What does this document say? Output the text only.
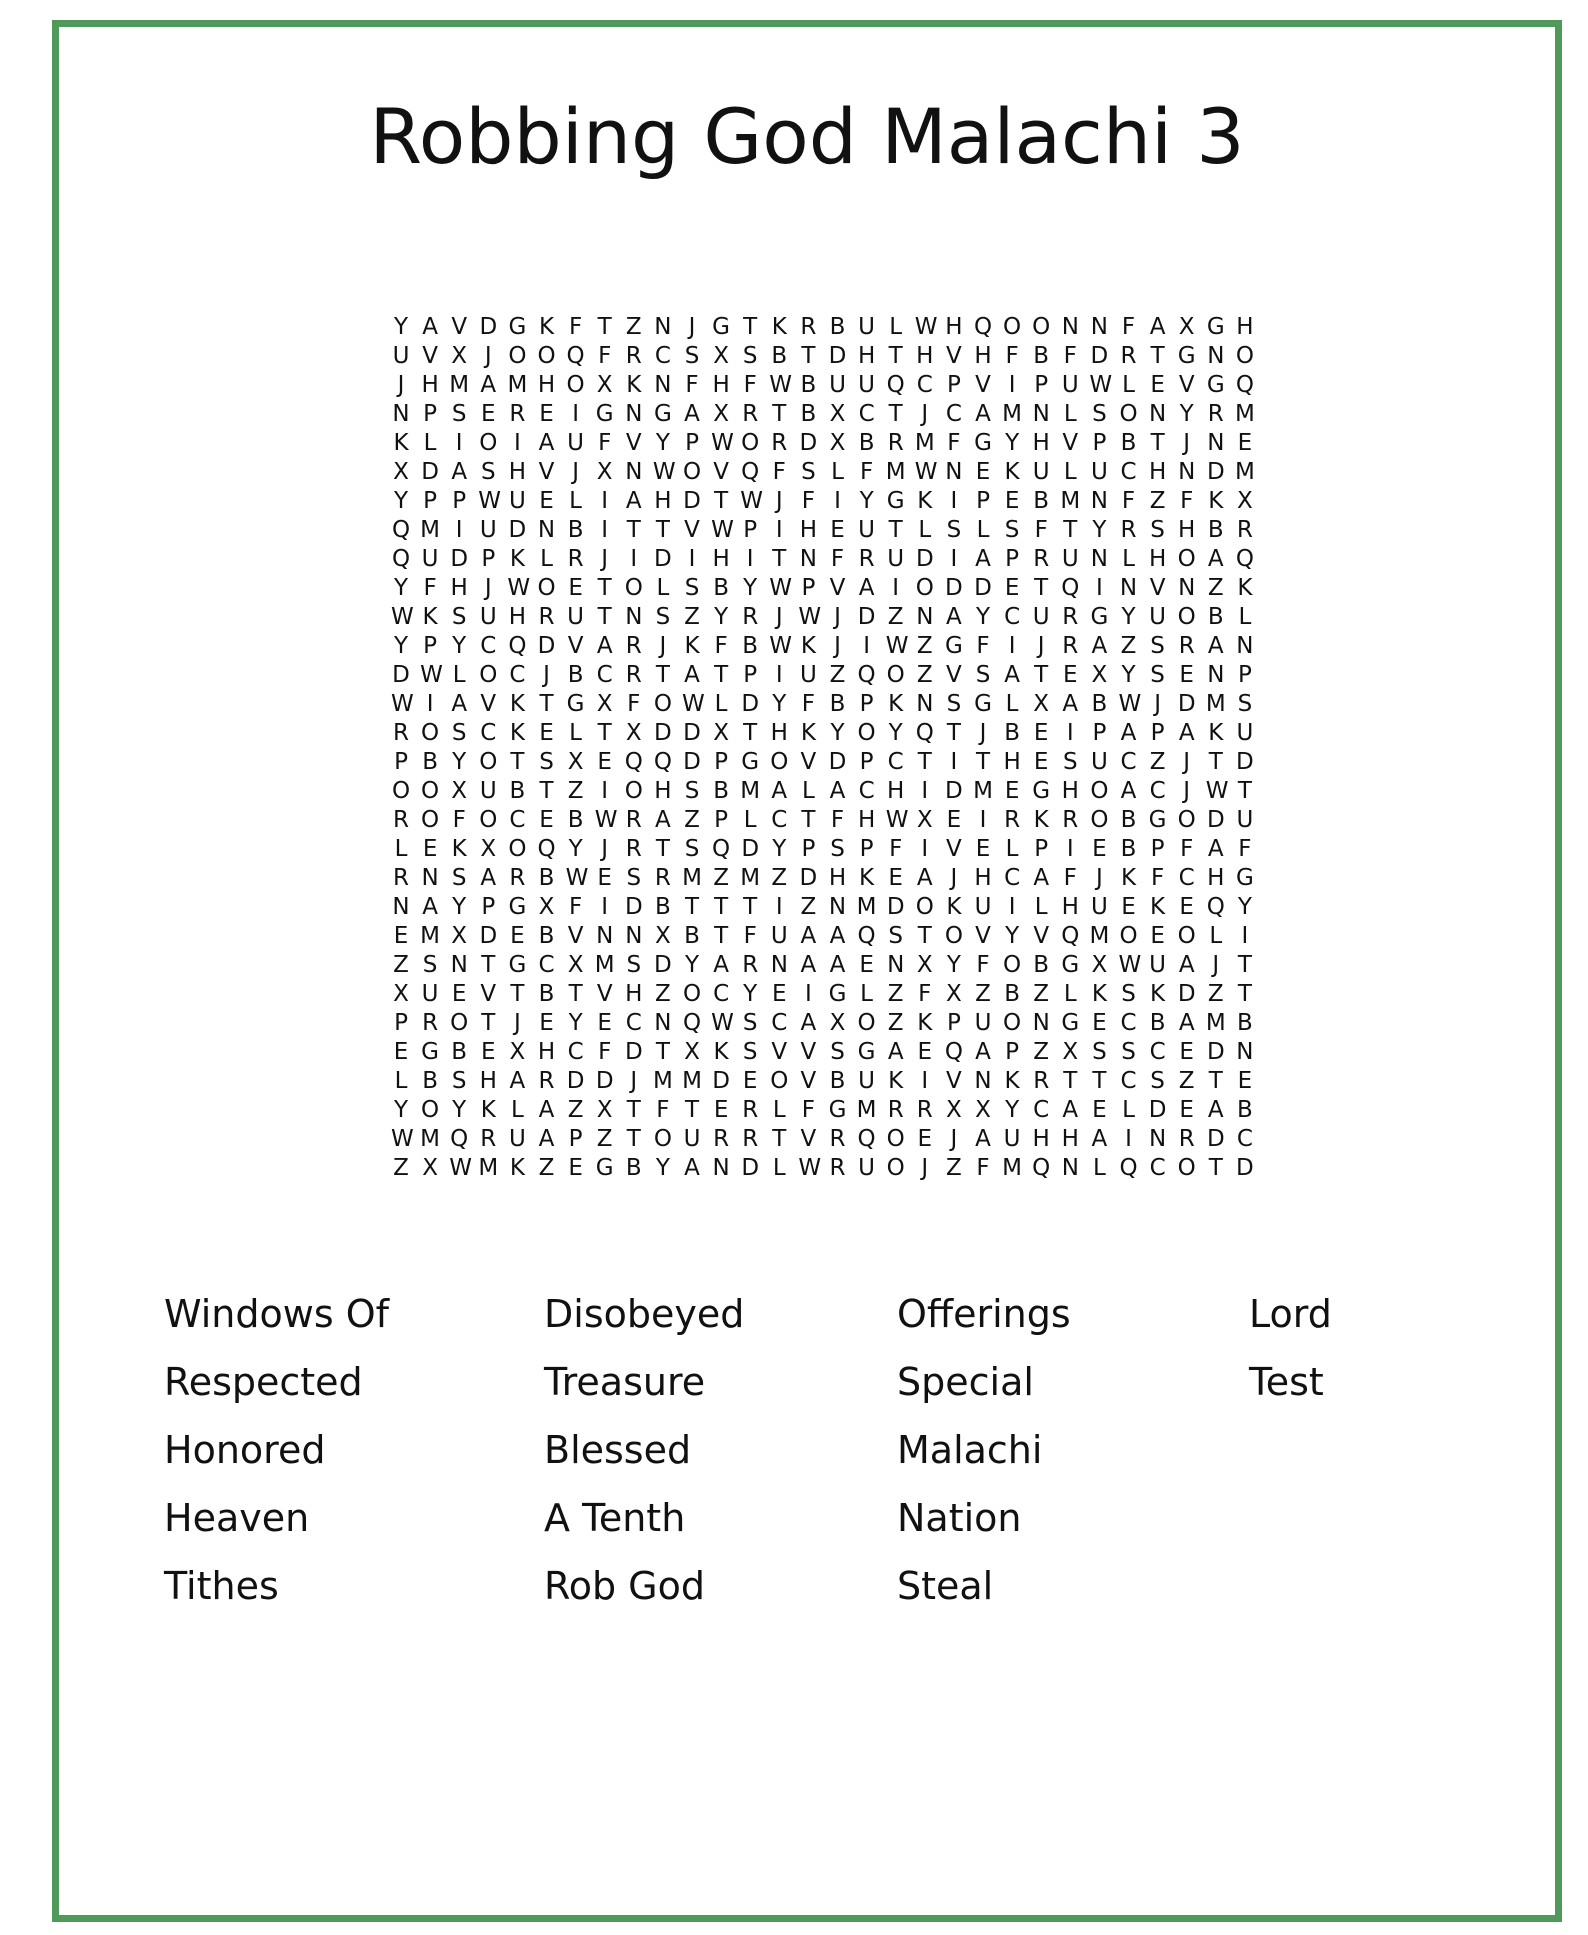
Robbing God Malachi 3
Y A V D G K F T Z N J G T K R B U L W H Q O O N N F A X G H
U V X J O O Q F R C S X S B T D H T H V H F B F D R T G N O
J H M A M H O X K N F H F W B U U Q C P V I P U W L E V G Q
N P S E R E I G N G A X R T B X C T J C A M N L S O N Y R M
K L I O I A U F V Y P W O R D X B R M F G Y H V P B T J N E
X D A S H V J X N W O V Q F S L F M W N E K U L U C H N D M
Y P P W U E L I A H D T W J F I Y G K I P E B M N F Z F K X
Q M I U D N B I T T V W P I H E U T L S L S F T Y R S H B R
Q U D P K L R J I D I H I T N F R U D I A P R U N L H O A Q
Y F H J W O E T O L S B Y W P V A I O D D E T Q I N V N Z K
W K S U H R U T N S Z Y R J W J D Z N A Y C U R G Y U O B L
Y P Y C Q D V A R J K F B W K J I W Z G F I J R A Z S R A N
D W L O C J B C R T A T P I U Z Q O Z V S A T E X Y S E N P
W I A V K T G X F O W L D Y F B P K N S G L X A B W J D M S
R O S C K E L T X D D X T H K Y O Y Q T J B E I P A P A K U
P B Y O T S X E Q Q D P G O V D P C T I T H E S U C Z J T D
O O X U B T Z I O H S B M A L A C H I D M E G H O A C J W T
R O F O C E B W R A Z P L C T F H W X E I R K R O B G O D U
L E K X O Q Y J R T S Q D Y P S P F I V E L P I E B P F A F
R N S A R B W E S R M Z M Z D H K E A J H C A F J K F C H G
N A Y P G X F I D B T T T I Z N M D O K U I L H U E K E Q Y
E M X D E B V N N X B T F U A A Q S T O V Y V Q M O E O L I
Z S N T G C X M S D Y A R N A A E N X Y F O B G X W U A J T
X U E V T B T V H Z O C Y E I G L Z F X Z B Z L K S K D Z T
P R O T J E Y E C N Q W S C A X O Z K P U O N G E C B A M B
E G B E X H C F D T X K S V V S G A E Q A P Z X S S C E D N
L B S H A R D D J M M D E O V B U K I V N K R T T C S Z T E
Y O Y K L A Z X T F T E R L F G M R R X X Y C A E L D E A B
W M Q R U A P Z T O U R R T V R Q O E J A U H H A I N R D C
Z X W M K Z E G B Y A N D L W R U O J Z F M Q N L Q C O T D
Windows Of
Respected
Honored
Heaven
Tithes
Disobeyed
Treasure
Blessed
A Tenth
Rob God
Offerings
Special
Malachi
Nation
Steal
Lord
Test
